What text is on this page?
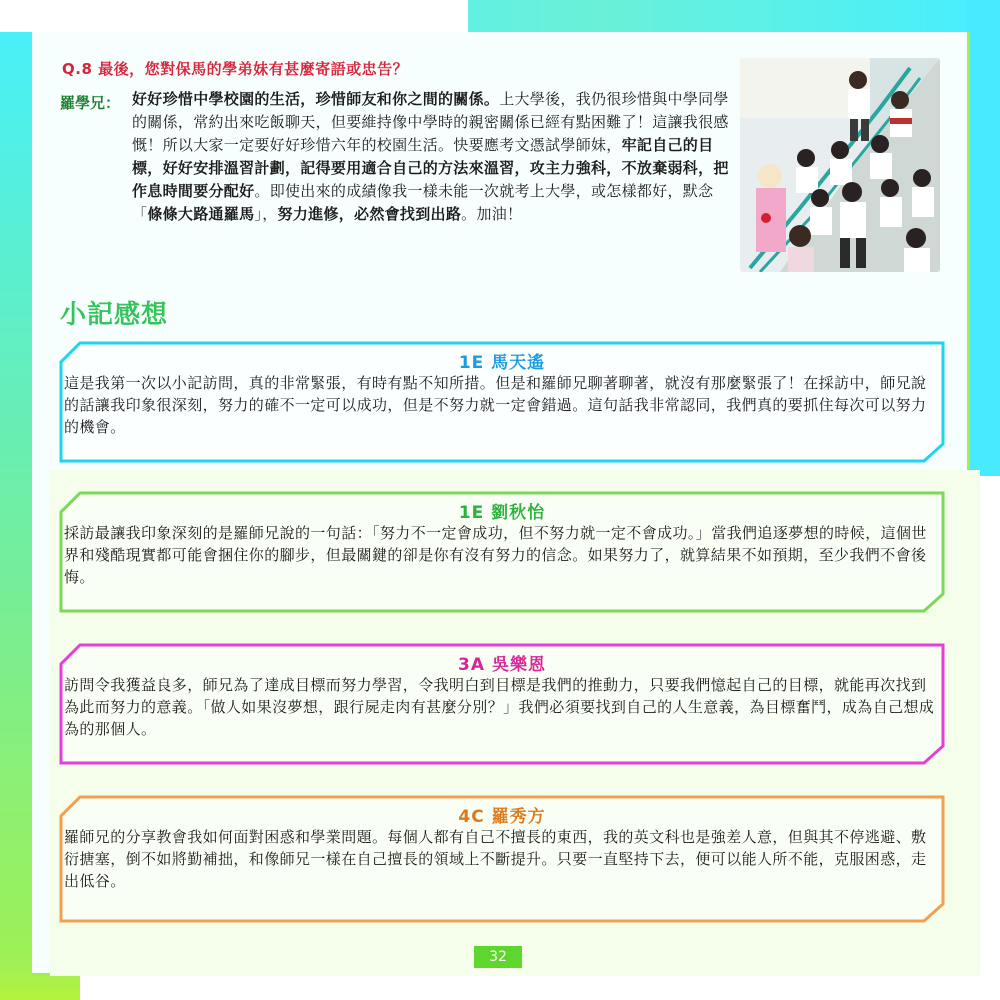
Q.8 最後，您對保馬的學弟妹有甚麼寄語或忠告？
羅學兄： 好好珍惜中學校園的生活，珍惜師友和你之間的關係。上大學後，我仍很珍惜與中學同學的關係，常約出來吃飯聊天，但要維持像中學時的親密關係已經有點困難了！這讓我很感慨！所以大家一定要好好珍惜六年的校園生活。快要應考文憑試學師妹，牢記自己的目標，好好安排溫習計劃，記得要用適合自己的方法來溫習，攻主力強科，不放棄弱科，把作息時間要分配好。即使出來的成績像我一樣未能一次就考上大學，或怎樣都好，默念「條條大路通羅馬」，努力進修，必然會找到出路。加油！
小記感想
1E 馬天遙
這是我第一次以小記訪問，真的非常緊張，有時有點不知所措。但是和羅師兄聊著聊著，就沒有那麼緊張了！在採訪中，師兄說的話讓我印象很深刻，努力的確不一定可以成功，但是不努力就一定會錯過。這句話我非常認同，我們真的要抓住每次可以努力的機會。
1E 劉秋怡
採訪最讓我印象深刻的是羅師兄說的一句話：「努力不一定會成功，但不努力就一定不會成功。」當我們追逐夢想的時候，這個世界和殘酷現實都可能會捆住你的腳步，但最關鍵的卻是你有沒有努力的信念。如果努力了，就算結果不如預期，至少我們不會後悔。
3A 吳樂恩
訪問令我獲益良多，師兄為了達成目標而努力學習，令我明白到目標是我們的推動力，只要我們憶起自己的目標，就能再次找到為此而努力的意義。「做人如果沒夢想，跟行屍走肉有甚麼分別？」我們必須要找到自己的人生意義，為目標奮鬥，成為自己想成為的那個人。
4C 羅秀方
羅師兄的分享教會我如何面對困惑和學業問題。每個人都有自己不擅長的東西，我的英文科也是強差人意，但與其不停逃避、敷衍搪塞，倒不如將勤補拙，和像師兄一樣在自己擅長的領域上不斷提升。只要一直堅持下去，便可以能人所不能，克服困惑，走出低谷。
32
